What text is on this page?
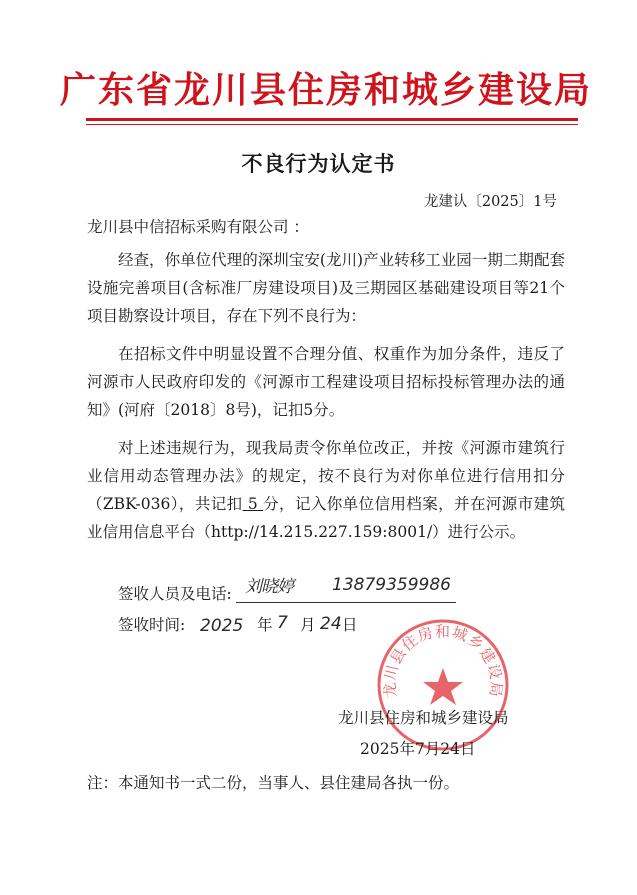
广东省龙川县住房和城乡建设局
不良行为认定书
龙建认〔2025〕1号
龙川县中信招标采购有限公司 ：
经查，你单位代理的深圳宝安(龙川)产业转移工业园一期二期配套设施完善项目(含标准厂房建设项目)及三期园区基础建设项目等21个项目勘察设计项目，存在下列不良行为：
在招标文件中明显设置不合理分值、权重作为加分条件，违反了河源市人民政府印发的《河源市工程建设项目招标投标管理办法的通知》(河府〔2018〕8号)，记扣5分。
对上述违规行为，现我局责令你单位改正，并按《河源市建筑行业信用动态管理办法》的规定，按不良行为对你单位进行信用扣分（ZBK-036），共记扣 5 分，记入你单位信用档案，并在河源市建筑业信用信息平台（http://14.215.227.159:8001/）进行公示。
签收人员及电话: 刘晓婷 13879359986
签收时间: 2025 年 7 月 24 日
龙川县住房和城乡建设局
龙川县住房和城乡建设局
2025年7月24日
注：本通知书一式二份，当事人、县住建局各执一份。
